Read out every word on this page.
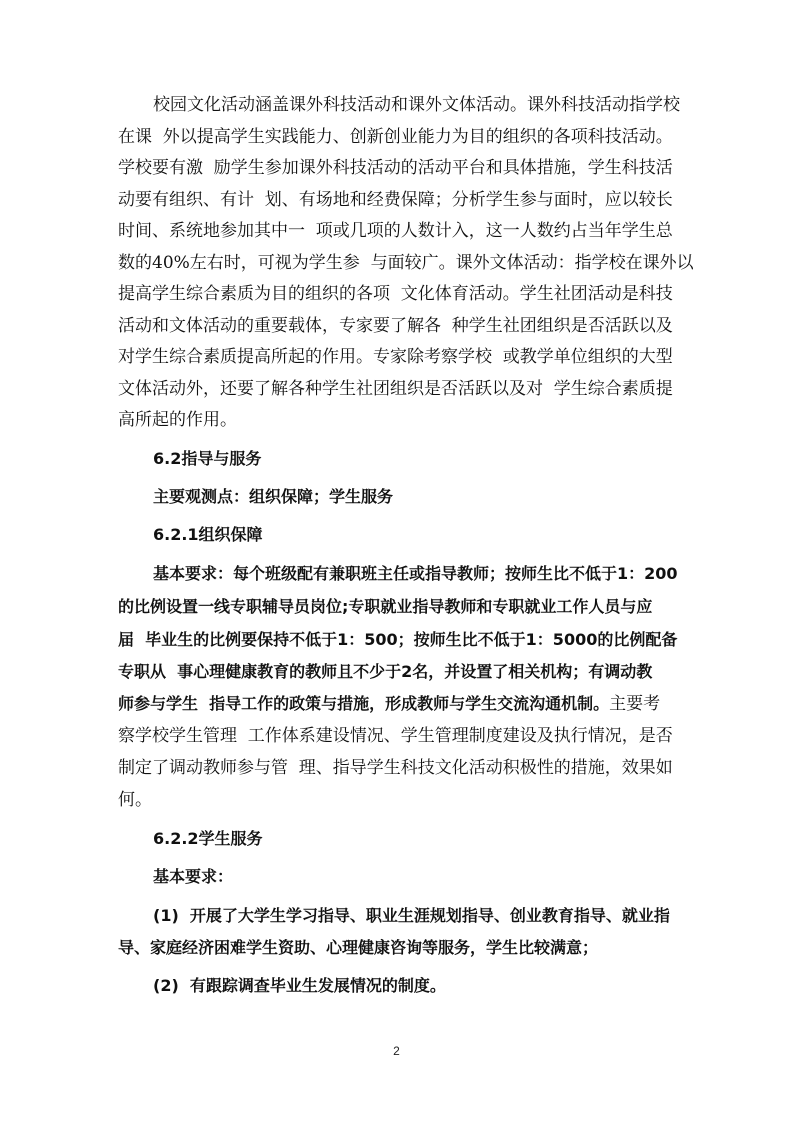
校园文化活动涵盖课外科技活动和课外文体活动。课外科技活动指学校
在课  外以提高学生实践能力、创新创业能力为目的组织的各项科技活动。
学校要有激  励学生参加课外科技活动的活动平台和具体措施，学生科技活
动要有组织、有计  划、有场地和经费保障；分析学生参与面时，应以较长
时间、系统地参加其中一  项或几项的人数计入，这一人数约占当年学生总
数的40%左右时，可视为学生参  与面较广。课外文体活动：指学校在课外以
提高学生综合素质为目的组织的各项  文化体育活动。学生社团活动是科技
活动和文体活动的重要载体，专家要了解各  种学生社团组织是否活跃以及
对学生综合素质提高所起的作用。专家除考察学校  或教学单位组织的大型
文体活动外，还要了解各种学生社团组织是否活跃以及对  学生综合素质提
高所起的作用。
6.2指导与服务
主要观测点：组织保障；学生服务
6.2.1组织保障
基本要求：每个班级配有兼职班主任或指导教师；按师生比不低于1：200
的比例设置一线专职辅导员岗位;专职就业指导教师和专职就业工作人员与应
届  毕业生的比例要保持不低于1：500；按师生比不低于1：5000的比例配备
专职从  事心理健康教育的教师且不少于2名，并设置了相关机构；有调动教
师参与学生  指导工作的政策与措施，形成教师与学生交流沟通机制。主要考
察学校学生管理  工作体系建设情况、学生管理制度建设及执行情况，是否
制定了调动教师参与管  理、指导学生科技文化活动积极性的措施，效果如
何。
6.2.2学生服务
基本要求：
(1)  开展了大学生学习指导、职业生涯规划指导、创业教育指导、就业指
导、家庭经济困难学生资助、心理健康咨询等服务，学生比较满意；
(2)  有跟踪调查毕业生发展情况的制度。
2
